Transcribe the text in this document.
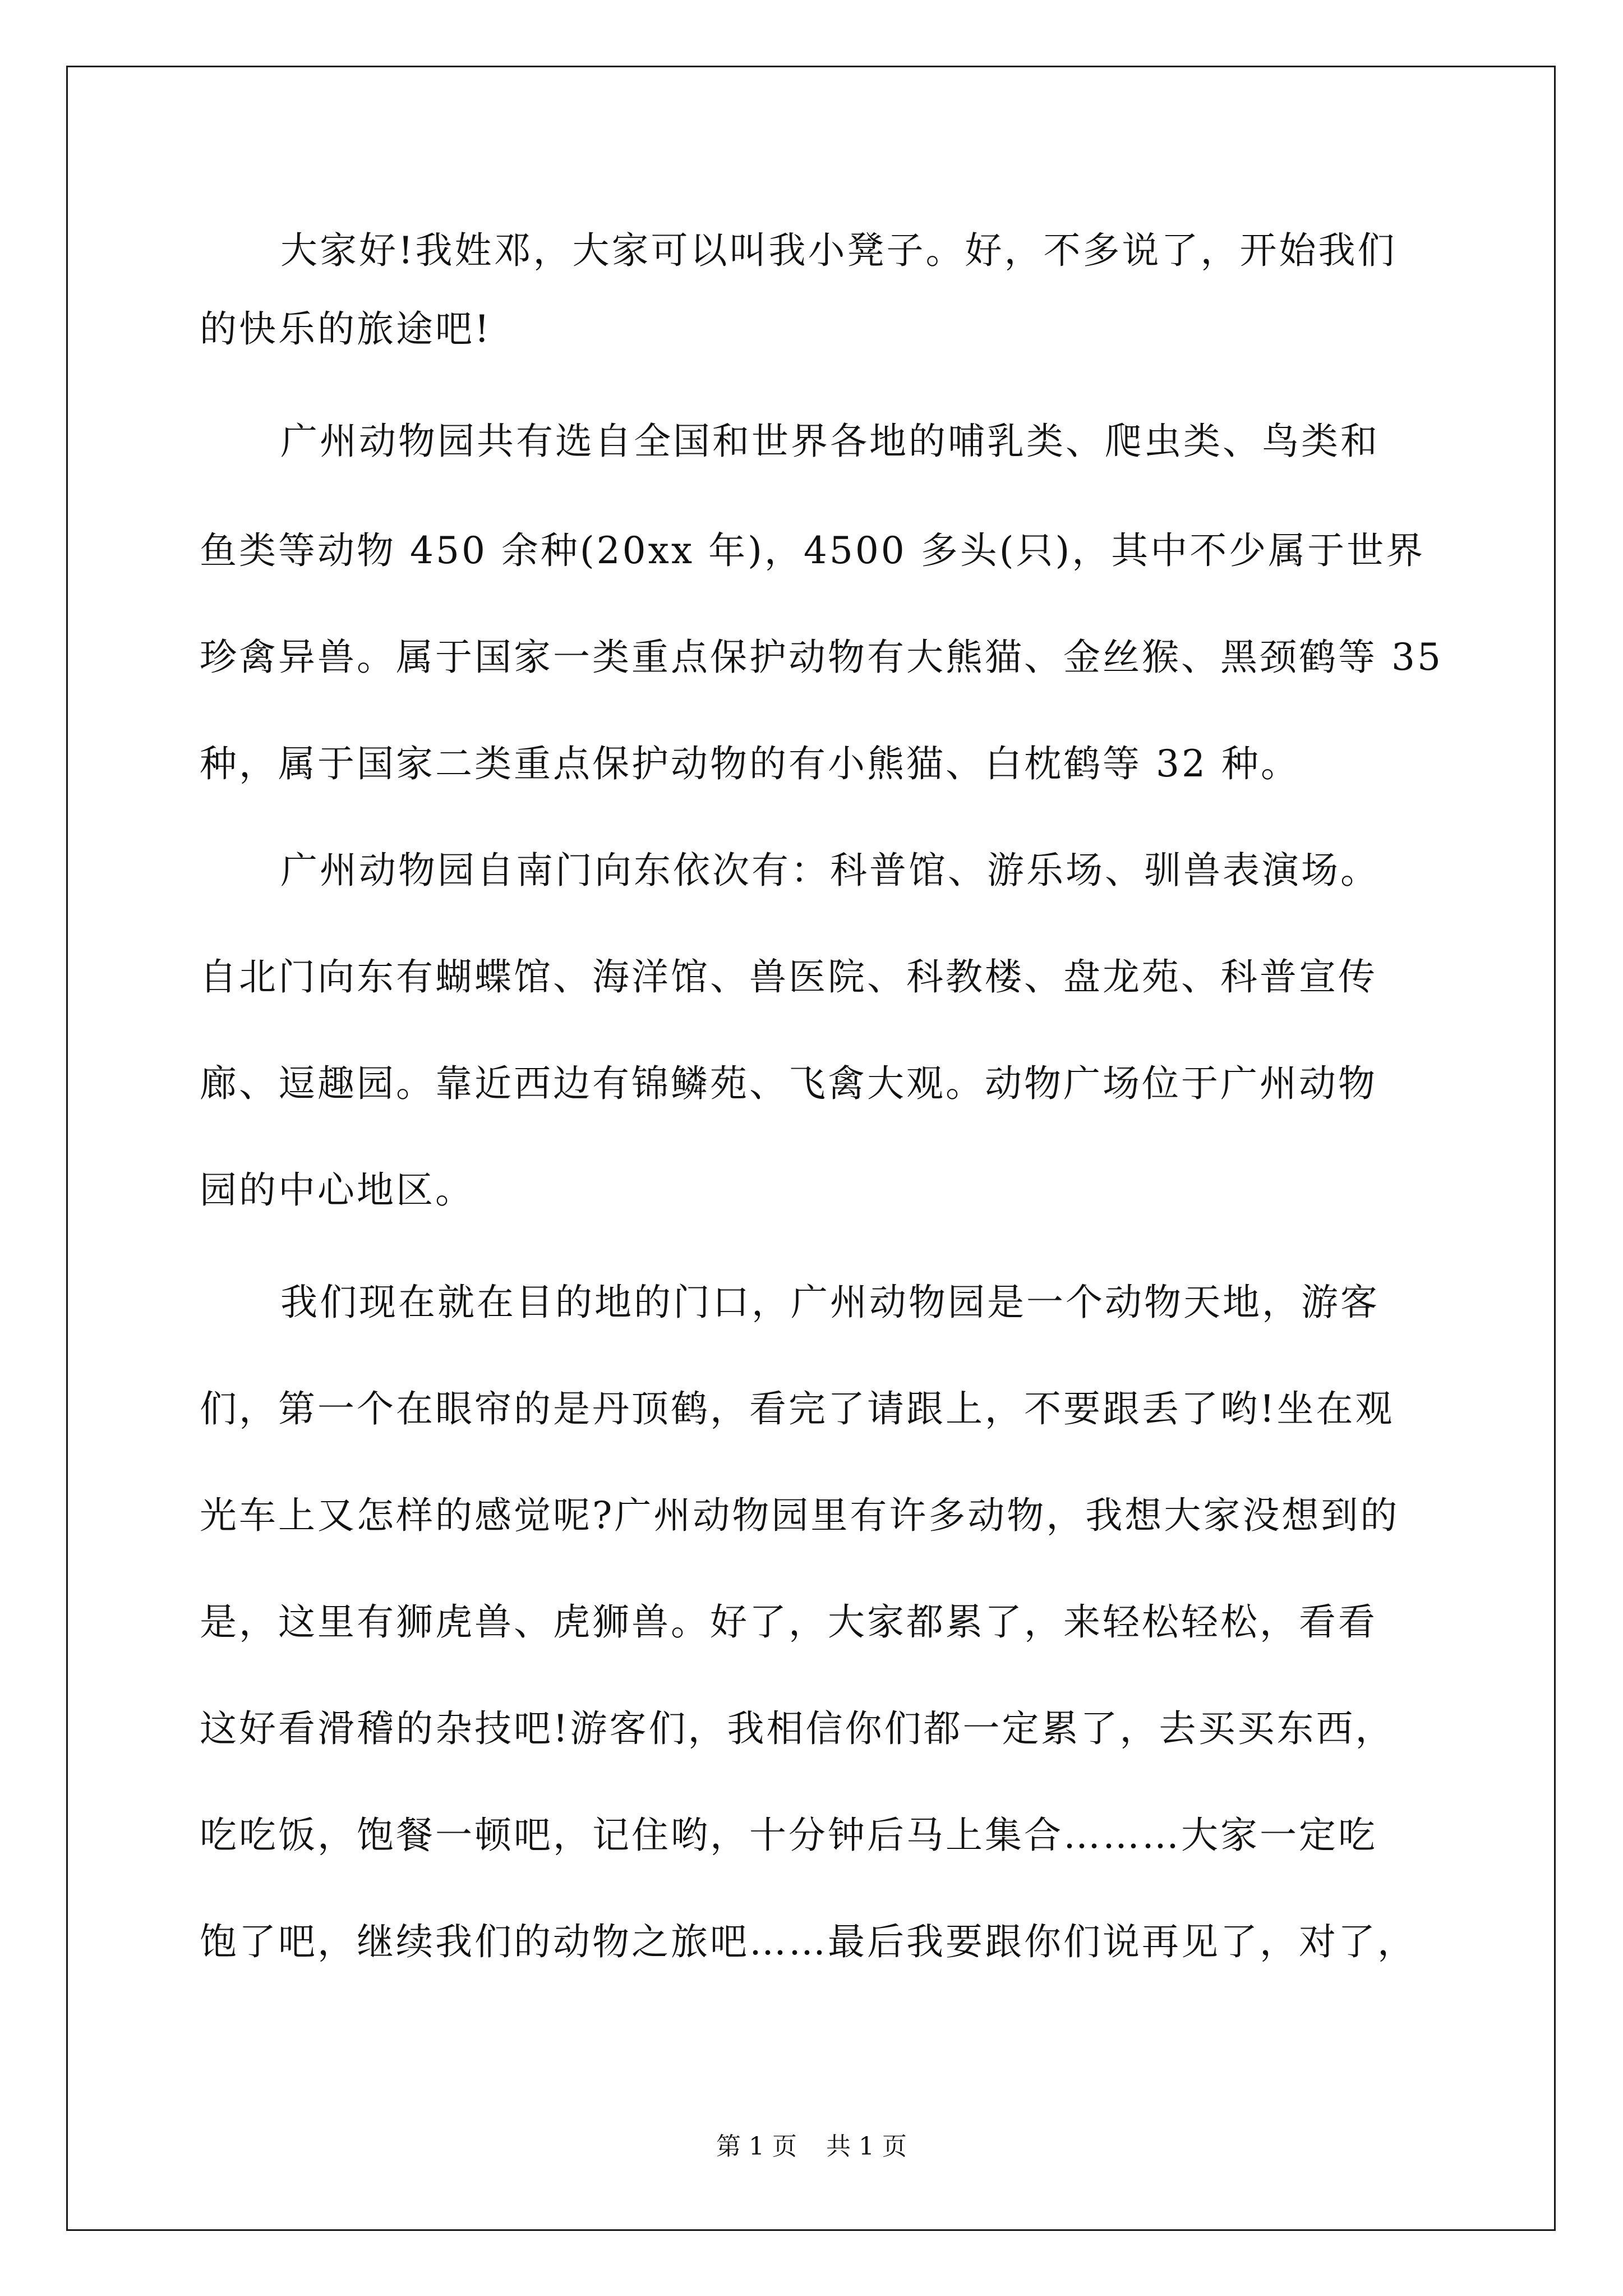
大家好!我姓邓，大家可以叫我小凳子。好，不多说了，开始我们

的快乐的旅途吧!

广州动物园共有选自全国和世界各地的哺乳类、爬虫类、鸟类和

鱼类等动物 450 余种(20xx 年)，4500 多头(只)，其中不少属于世界

珍禽异兽。属于国家一类重点保护动物有大熊猫、金丝猴、黑颈鹤等 35

种，属于国家二类重点保护动物的有小熊猫、白枕鹤等 32 种。

广州动物园自南门向东依次有：科普馆、游乐场、驯兽表演场。

自北门向东有蝴蝶馆、海洋馆、兽医院、科教楼、盘龙苑、科普宣传

廊、逗趣园。靠近西边有锦鳞苑、飞禽大观。动物广场位于广州动物

园的中心地区。

我们现在就在目的地的门口，广州动物园是一个动物天地，游客

们，第一个在眼帘的是丹顶鹤，看完了请跟上，不要跟丢了哟!坐在观

光车上又怎样的感觉呢?广州动物园里有许多动物，我想大家没想到的

是，这里有狮虎兽、虎狮兽。好了，大家都累了，来轻松轻松，看看

这好看滑稽的杂技吧!游客们，我相信你们都一定累了，去买买东西，

吃吃饭，饱餐一顿吧，记住哟，十分钟后马上集合………大家一定吃

饱了吧，继续我们的动物之旅吧……最后我要跟你们说再见了，对了，

第 1 页 共 1 页
